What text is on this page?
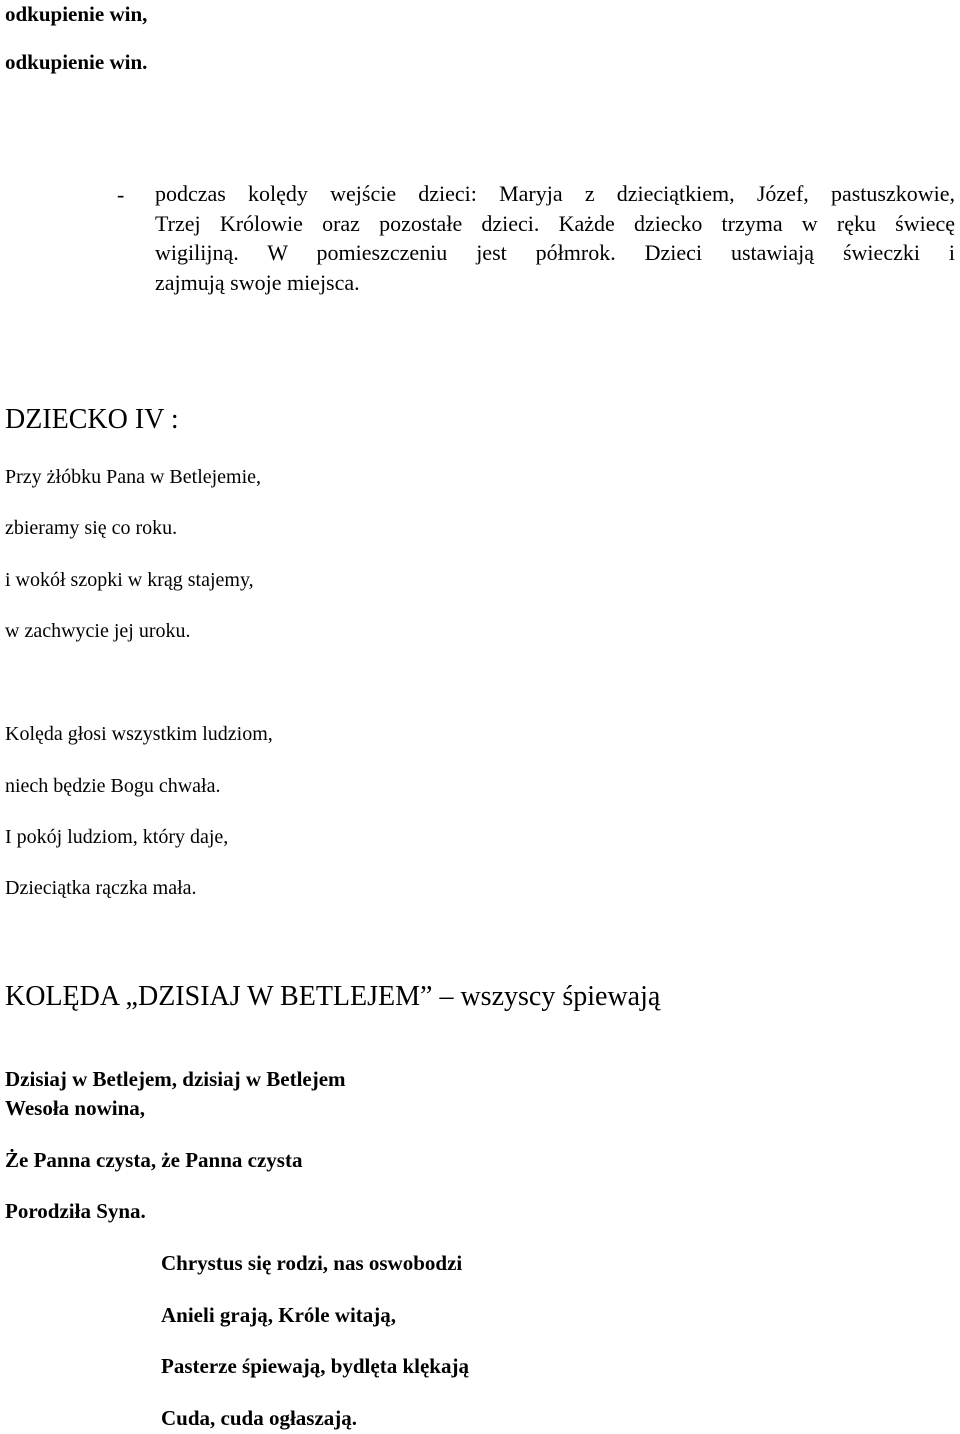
odkupienie win,
odkupienie win.
- podczas kolędy wejście dzieci: Maryja z dzieciątkiem, Józef, pastuszkowie,
Trzej Królowie oraz pozostałe dzieci. Każde dziecko trzyma w ręku świecę
wigilijną. W pomieszczeniu jest półmrok. Dzieci ustawiają świeczki i
zajmują swoje miejsca.
DZIECKO IV :
Przy żłóbku Pana w Betlejemie,
zbieramy się co roku.
i wokół szopki w krąg stajemy,
w zachwycie jej uroku.
Kolęda głosi wszystkim ludziom,
niech będzie Bogu chwała.
I pokój ludziom, który daje,
Dzieciątka rączka mała.
KOLĘDA „DZISIAJ W BETLEJEM” – wszyscy śpiewają
Dzisiaj w Betlejem, dzisiaj w Betlejem
Wesoła nowina,
Że Panna czysta, że Panna czysta
Porodziła Syna.
Chrystus się rodzi, nas oswobodzi
Anieli grają, Króle witają,
Pasterze śpiewają, bydlęta klękają
Cuda, cuda ogłaszają.
